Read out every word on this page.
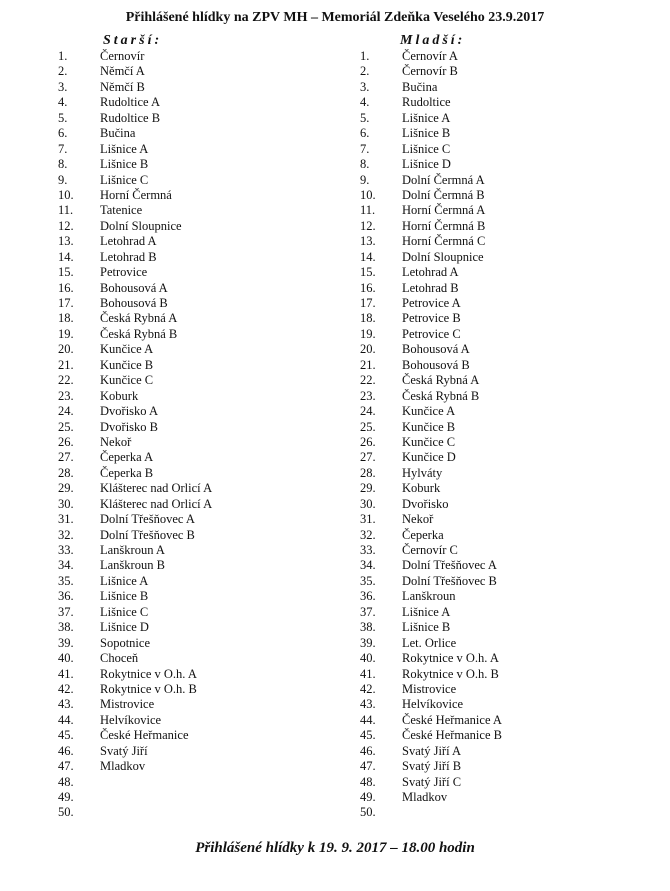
Přihlášené hlídky na ZPV MH – Memoriál Zdeňka Veselého 23.9.2017
Starší:	Mladší:
1.	Černovír
2.	Němčí A
3.	Němčí B
4.	Rudoltice A
5.	Rudoltice B
6.	Bučina
7.	Lišnice A
8.	Lišnice B
9.	Lišnice C
10.	Horní Čermná
11.	Tatenice
12.	Dolní Sloupnice
13.	Letohrad A
14.	Letohrad B
15.	Petrovice
16.	Bohousová A
17.	Bohousová B
18.	Česká Rybná A
19.	Česká Rybná B
20.	Kunčice A
21.	Kunčice B
22.	Kunčice C
23.	Koburk
24.	Dvořisko A
25.	Dvořisko B
26.	Nekoř
27.	Čeperka A
28.	Čeperka B
29.	Klášterec nad Orlicí A
30.	Klášterec nad Orlicí A
31.	Dolní Třešňovec A
32.	Dolní Třešňovec B
33.	Lanškroun A
34.	Lanškroun B
35.	Lišnice A
36.	Lišnice B
37.	Lišnice C
38.	Lišnice D
39.	Sopotnice
40.	Choceň
41.	Rokytnice v O.h. A
42.	Rokytnice v O.h. B
43.	Mistrovice
44.	Helvíkovice
45.	České Heřmanice
46.	Svatý Jiří
47.	Mladkov
48.
49.
50.
1.	Černovír A
2.	Černovír B
3.	Bučina
4.	Rudoltice
5.	Lišnice A
6.	Lišnice B
7.	Lišnice C
8.	Lišnice D
9.	Dolní Čermná A
10.	Dolní Čermná B
11.	Horní Čermná A
12.	Horní Čermná B
13.	Horní Čermná C
14.	Dolní Sloupnice
15.	Letohrad A
16.	Letohrad B
17.	Petrovice A
18.	Petrovice B
19.	Petrovice C
20.	Bohousová A
21.	Bohousová B
22.	Česká Rybná A
23.	Česká Rybná B
24.	Kunčice A
25.	Kunčice B
26.	Kunčice C
27.	Kunčice D
28.	Hylváty
29.	Koburk
30.	Dvořisko
31.	Nekoř
32.	Čeperka
33.	Černovír C
34.	Dolní Třešňovec A
35.	Dolní Třešňovec B
36.	Lanškroun
37.	Lišnice A
38.	Lišnice B
39.	Let. Orlice
40.	Rokytnice v O.h. A
41.	Rokytnice v O.h. B
42.	Mistrovice
43.	Helvíkovice
44.	České Heřmanice A
45.	České Heřmanice B
46.	Svatý Jiří A
47.	Svatý Jiří B
48.	Svatý Jiří C
49.	Mladkov
50.

Přihlášené hlídky k 19. 9. 2017 – 18.00 hodin
